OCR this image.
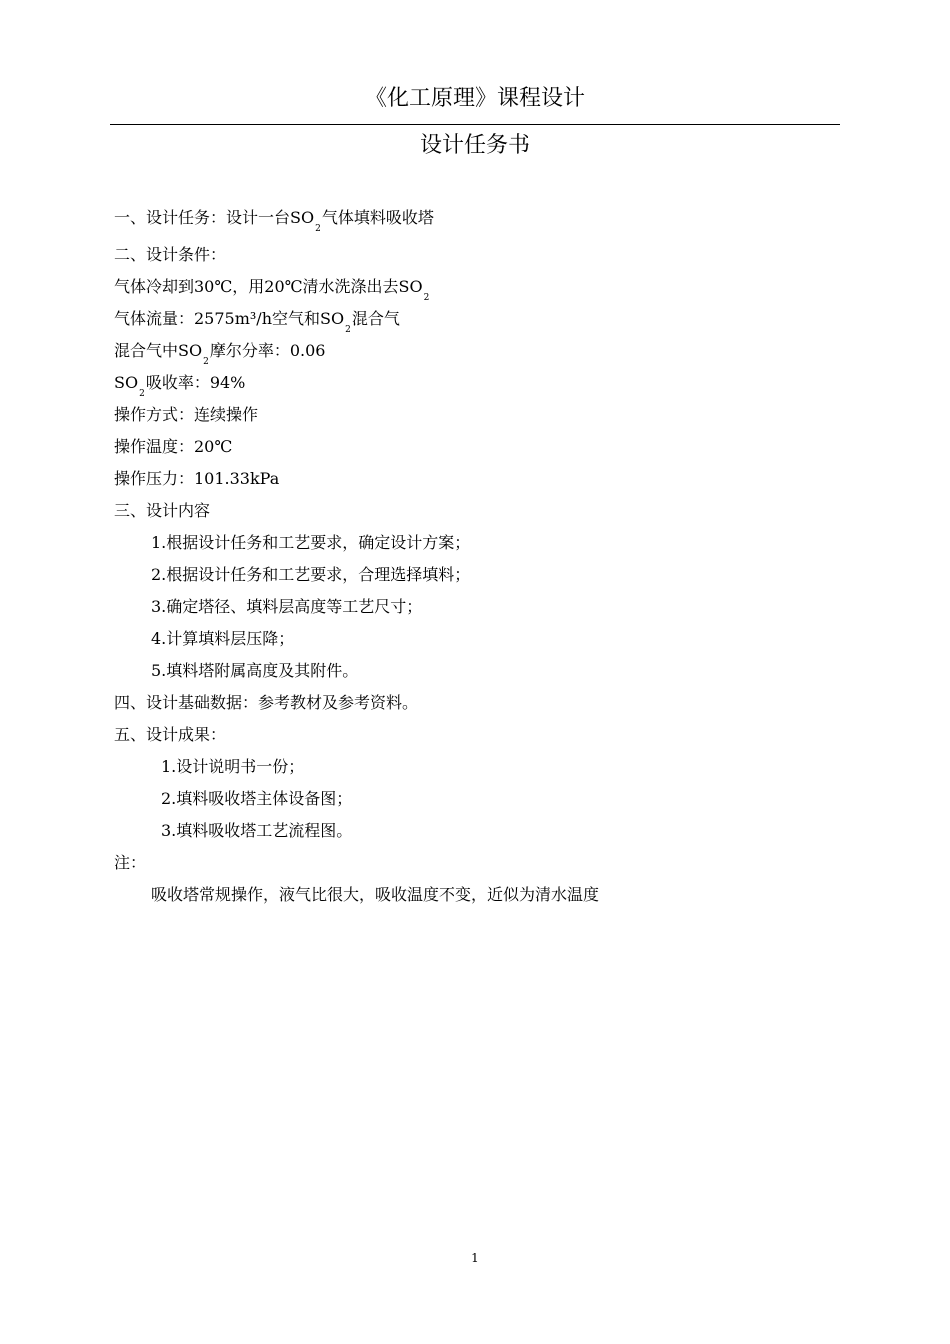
《化工原理》课程设计
设计任务书
一、设计任务：设计一台$SO_2$气体填料吸收塔
二、设计条件：
气体冷却到30℃，用20℃清水洗涤出去$SO_2$
气体流量：2575m³/h空气和$SO_2$混合气
混合气中$SO_2$摩尔分率：0.06
$SO_2$吸收率：94%
操作方式：连续操作
操作温度：20℃
操作压力：101.33kPa
三、设计内容
1.根据设计任务和工艺要求，确定设计方案；
2.根据设计任务和工艺要求，合理选择填料；
3.确定塔径、填料层高度等工艺尺寸；
4.计算填料层压降；
5.填料塔附属高度及其附件。
四、设计基础数据：参考教材及参考资料。
五、设计成果：
1.设计说明书一份；
2.填料吸收塔主体设备图；
3.填料吸收塔工艺流程图。
注：
吸收塔常规操作，液气比很大，吸收温度不变，近似为清水温度
1
